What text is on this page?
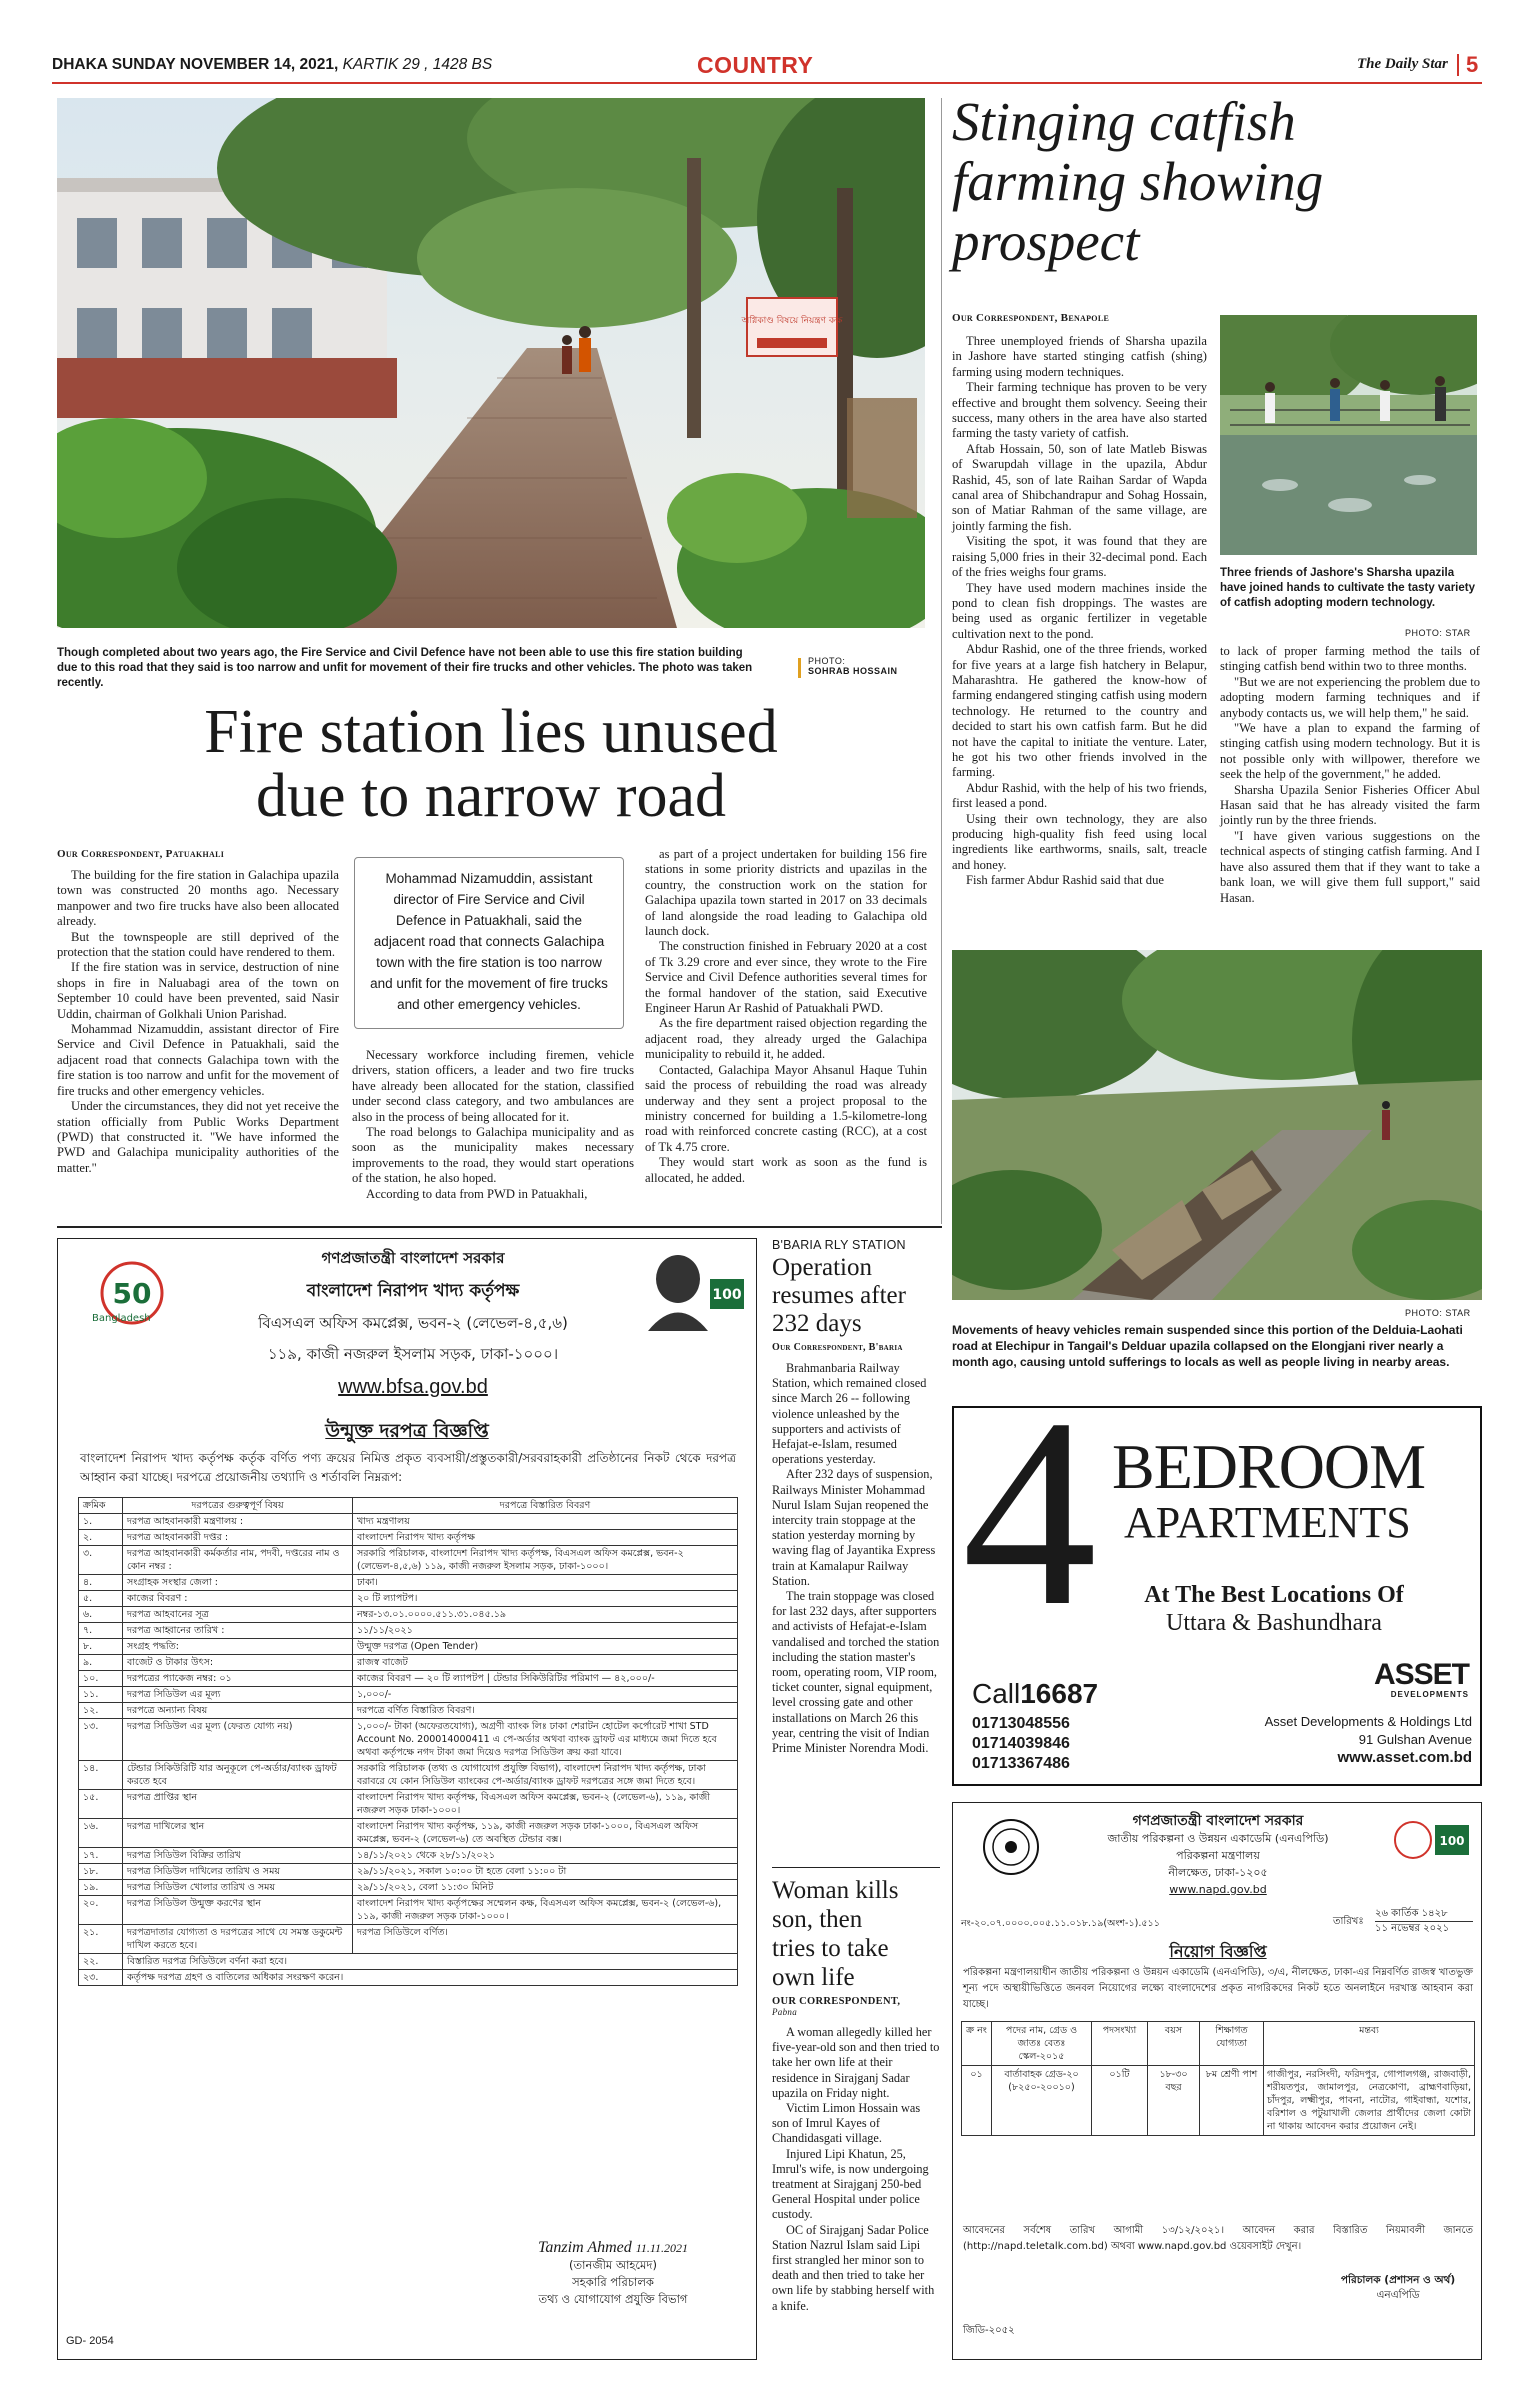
DHAKA SUNDAY NOVEMBER 14, 2021, KARTIK 29 , 1428 BS	COUNTRY	The Daily Star 5
অগ্নিকাণ্ড বিষয়ে নিয়ন্ত্রণ কক্ষ
Though completed about two years ago, the Fire Service and Civil Defence have not been able to use this fire station building due to this road that they said is too narrow and unfit for movement of their fire trucks and other vehicles. The photo was taken recently.
PHOTO:
SOHRAB HOSSAIN
Fire station lies unused
due to narrow road
Our Correspondent, Patuakhali

The building for the fire station in Galachipa upazila town was constructed 20 months ago. Necessary manpower and two fire trucks have also been allocated already.

But the townspeople are still deprived of the protection that the station could have rendered to them.

If the fire station was in service, destruction of nine shops in fire in Naluabagi area of the town on September 10 could have been prevented, said Nasir Uddin, chairman of Golkhali Union Parishad.

Mohammad Nizamuddin, assistant director of Fire Service and Civil Defence in Patuakhali, said the adjacent road that connects Galachipa town with the fire station is too narrow and unfit for the movement of fire trucks and other emergency vehicles.

Under the circumstances, they did not yet receive the station officially from Public Works Department (PWD) that constructed it. "We have informed the PWD and Galachipa municipality authorities of the matter."

Mohammad Nizamuddin, assistant director of Fire Service and Civil Defence in Patuakhali, said the adjacent road that connects Galachipa town with the fire station is too narrow and unfit for the movement of fire trucks and other emergency vehicles.

Necessary workforce including firemen, vehicle drivers, station officers, a leader and two fire trucks have already been allocated for the station, classified under second class category, and two ambulances are also in the process of being allocated for it.

The road belongs to Galachipa municipality and as soon as the municipality makes necessary improvements to the road, they would start operations of the station, he also hoped.

According to data from PWD in Patuakhali,

as part of a project undertaken for building 156 fire stations in some priority districts and upazilas in the country, the construction work on the station for Galachipa upazila town started in 2017 on 33 decimals of land alongside the road leading to Galachipa old launch dock.

The construction finished in February 2020 at a cost of Tk 3.29 crore and ever since, they wrote to the Fire Service and Civil Defence authorities several times for the formal handover of the station, said Executive Engineer Harun Ar Rashid of Patuakhali PWD.

As the fire department raised objection regarding the adjacent road, they already urged the Galachipa municipality to rebuild it, he added.

Contacted, Galachipa Mayor Ahsanul Haque Tuhin said the process of rebuilding the road was already underway and they sent a project proposal to the ministry concerned for building a 1.5-kilometre-long road with reinforced concrete casting (RCC), at a cost of Tk 4.75 crore.

They would start work as soon as the fund is allocated, he added.

Stinging catfish
farming showing
prospect
Our Correspondent, Benapole

Three unemployed friends of Sharsha upazila in Jashore have started stinging catfish (shing) farming using modern techniques.

Their farming technique has proven to be very effective and brought them solvency. Seeing their success, many others in the area have also started farming the tasty variety of catfish.

Aftab Hossain, 50, son of late Matleb Biswas of Swarupdah village in the upazila, Abdur Rashid, 45, son of late Raihan Sardar of Wapda canal area of Shibchandrapur and Sohag Hossain, son of Matiar Rahman of the same village, are jointly farming the fish.

Visiting the spot, it was found that they are raising 5,000 fries in their 32-decimal pond. Each of the fries weighs four grams.

They have used modern machines inside the pond to clean fish droppings. The wastes are being used as organic fertilizer in vegetable cultivation next to the pond.

Abdur Rashid, one of the three friends, worked for five years at a large fish hatchery in Belapur, Maharashtra. He gathered the know-how of farming endangered stinging catfish using modern technology. He returned to the country and decided to start his own catfish farm. But he did not have the capital to initiate the venture. Later, he got his two other friends involved in the farming.

Abdur Rashid, with the help of his two friends, first leased a pond.

Using their own technology, they are also producing high-quality fish feed using local ingredients like earthworms, snails, salt, treacle and honey.

Fish farmer Abdur Rashid said that due

Three friends of Jashore's Sharsha upazila have joined hands to cultivate the tasty variety of catfish adopting modern technology.
PHOTO: STAR

to lack of proper farming method the tails of stinging catfish bend within two to three months.

"But we are not experiencing the problem due to adopting modern farming techniques and if anybody contacts us, we will help them," he said.

"We have a plan to expand the farming of stinging catfish using modern technology. But it is not possible only with willpower, therefore we seek the help of the government," he added.

Sharsha Upazila Senior Fisheries Officer Abul Hasan said that he has already visited the farm jointly run by the three friends.

"I have given various suggestions on the technical aspects of stinging catfish farming. And I have also assured them that if they want to take a bank loan, we will give them full support," said Hasan.

PHOTO: STAR
Movements of heavy vehicles remain suspended since this portion of the Delduia-Laohati road at Elechipur in Tangail's Delduar upazila collapsed on the Elongjani river nearly a month ago, causing untold sufferings to locals as well as people living in nearby areas.
50
Bangladesh
গণপ্রজাতন্ত্রী বাংলাদেশ সরকার
বাংলাদেশ নিরাপদ খাদ্য কর্তৃপক্ষ
বিএসএল অফিস কমপ্লেক্স, ভবন-২ (লেভেল-৪,৫,৬)
১১৯, কাজী নজরুল ইসলাম সড়ক, ঢাকা-১০০০।
www.bfsa.gov.bd
100
উন্মুক্ত দরপত্র বিজ্ঞপ্তি
বাংলাদেশ নিরাপদ খাদ্য কর্তৃপক্ষ কর্তৃক বর্ণিত পণ্য ক্রয়ের নিমিত্ত প্রকৃত ব্যবসায়ী/প্রস্তুতকারী/সরবরাহকারী প্রতিষ্ঠানের নিকট থেকে দরপত্র আহ্বান করা যাচ্ছে। দরপত্রে প্রয়োজনীয় তথ্যাদি ও শর্তাবলি নিম্নরূপ:
ক্রমিক	দরপত্রের গুরুত্বপূর্ণ বিষয়	দরপত্রে বিস্তারিত বিবরণ
১.	দরপত্র আহবানকারী মন্ত্রণালয় :	খাদ্য মন্ত্রণালয়
২.	দরপত্র আহবানকারী দপ্তর :	বাংলাদেশ নিরাপদ খাদ্য কর্তৃপক্ষ
৩.	দরপত্র আহবানকারী কর্মকর্তার নাম, পদবী, দপ্তরের নাম ও কোন নম্বর :	সরকারি পরিচালক, বাংলাদেশ নিরাপদ খাদ্য কর্তৃপক্ষ, বিএসএল অফিস কমপ্লেক্স, ভবন-২ (লেভেল-৪,৫,৬) ১১৯, কাজী নজরুল ইসলাম সড়ক, ঢাকা-১০০০।
৪.	সংগ্রাহক সংস্থার জেলা :	ঢাকা।
৫.	কাজের বিবরণ :	২০ টি ল্যাপটপ।
৬.	দরপত্র আহবানের সূত্র	নম্বর-১৩.০১.০০০০.৫১১.৩১.০৪৫.১৯
৭.	দরপত্র আহ্বানের তারিখ :	১১/১১/২০২১
৮.	সংগ্রহ পদ্ধতি:	উন্মুক্ত দরপত্র (Open Tender)
৯.	বাজেট ও টাকার উৎস:	রাজস্ব বাজেট
১০.	দরপত্রের প্যাকেজ নম্বর: ০১	কাজের বিবরণ — ২০ টি ল্যাপটপ | টেন্ডার সিকিউরিটির পরিমাণ — ৪২,০০০/-
১১.	দরপত্র সিডিউল এর মূল্য	১,০০০/-
১২.	দরপত্রে অন্যান্য বিষয়	দরপত্রে বর্ণিত বিস্তারিত বিবরণ।
১৩.	দরপত্র সিডিউল এর মূল্য (ফেরত যোগ্য নয়)	১,০০০/- টাকা (অফেরতযোগ্য), অগ্রণী ব্যাংক লিঃ ঢাকা শেরাটন হোটেল কর্পোরেট শাখা STD Account No. 200014000411 এ পে-অর্ডার অথবা ব্যাংক ড্রাফট এর মাধ্যমে জমা দিতে হবে অথবা কর্তৃপক্ষে নগদ টাকা জমা দিয়েও দরপত্র সিডিউল ক্রয় করা যাবে।
১৪.	টেন্ডার সিকিউরিটি যার অনুকূলে পে-অর্ডার/ব্যাংক ড্রাফট করতে হবে	সরকারি পরিচালক (তথ্য ও যোগাযোগ প্রযুক্তি বিভাগ), বাংলাদেশ নিরাপদ খাদ্য কর্তৃপক্ষ, ঢাকা বরাবরে যে কোন সিডিউল ব্যাংকের পে-অর্ডার/ব্যাংক ড্রাফট দরপত্রের সঙ্গে জমা দিতে হবে।
১৫.	দরপত্র প্রাপ্তির স্থান	বাংলাদেশ নিরাপদ খাদ্য কর্তৃপক্ষ, বিএসএল অফিস কমপ্লেক্স, ভবন-২ (লেভেল-৬), ১১৯, কাজী নজরুল সড়ক ঢাকা-১০০০।
১৬.	দরপত্র দাখিলের স্থান	বাংলাদেশ নিরাপদ খাদ্য কর্তৃপক্ষ, ১১৯, কাজী নজরুল সড়ক ঢাকা-১০০০, বিএসএল অফিস কমপ্লেক্স, ভবন-২ (লেভেল-৬) তে অবস্থিত টেন্ডার বক্স।
১৭.	দরপত্র সিডিউল বিক্রির তারিখ	১৪/১১/২০২১ থেকে ২৮/১১/২০২১
১৮.	দরপত্র সিডিউল দাখিলের তারিখ ও সময়	২৯/১১/২০২১, সকাল ১০:০০ টা হতে বেলা ১১:০০ টা
১৯.	দরপত্র সিডিউল খোলার তারিখ ও সময়	২৯/১১/২০২১, বেলা ১১:৩০ মিনিট
২০.	দরপত্র সিডিউল উন্মুক্ত করণের স্থান	বাংলাদেশ নিরাপদ খাদ্য কর্তৃপক্ষের সম্মেলন কক্ষ, বিএসএল অফিস কমপ্লেক্স, ভবন-২ (লেভেল-৬), ১১৯, কাজী নজরুল সড়ক ঢাকা-১০০০।
২১.	দরপত্রদাতার যোগ্যতা ও দরপত্রের সাথে যে সমস্ত ডকুমেন্ট দাখিল করতে হবে।	দরপত্র সিডিউলে বর্ণিত।
২২.	বিস্তারিত দরপত্র সিডিউলে বর্ণনা করা হবে।	
২৩.	কর্তৃপক্ষ দরপত্র গ্রহণ ও বাতিলের অধিকার সংরক্ষণ করেন।	
Tanzim Ahmed 11.11.2021
(তানজীম আহমেদ)
সহকারি পরিচালক
তথ্য ও যোগাযোগ প্রযুক্তি বিভাগ
GD- 2054
B'BARIA RLY STATION
Operation
resumes after
232 days
Our Correspondent, B'baria

Brahmanbaria Railway Station, which remained closed since March 26 -- following violence unleashed by the supporters and activists of Hefajat-e-Islam, resumed operations yesterday.

After 232 days of suspension, Railways Minister Mohammad Nurul Islam Sujan reopened the intercity train stoppage at the station yesterday morning by waving flag of Jayantika Express train at Kamalapur Railway Station.

The train stoppage was closed for last 232 days, after supporters and activists of Hefajat-e-Islam vandalised and torched the station including the station master's room, operating room, VIP room, ticket counter, signal equipment, level crossing gate and other installations on March 26 this year, centring the visit of Indian Prime Minister Norendra Modi.

Woman kills
son, then
tries to take
own life
OUR CORRESPONDENT,
Pabna

A woman allegedly killed her five-year-old son and then tried to take her own life at their residence in Sirajganj Sadar upazila on Friday night.

Victim Limon Hossain was son of Imrul Kayes of Chandidasgati village.

Injured Lipi Khatun, 25, Imrul's wife, is now undergoing treatment at Sirajganj 250-bed General Hospital under police custody.

OC of Sirajganj Sadar Police Station Nazrul Islam said Lipi first strangled her minor son to death and then tried to take her own life by stabbing herself with a knife.

4 BEDROOM
APARTMENTS
At The Best Locations Of
Uttara & Bashundhara
Call16687
01713048556
01714039846
01713367486
ASSET
DEVELOPMENTS
Asset Developments & Holdings Ltd
91 Gulshan Avenue
www.asset.com.bd
গণপ্রজাতন্ত্রী বাংলাদেশ সরকার
জাতীয় পরিকল্পনা ও উন্নয়ন একাডেমি (এনএপিডি)
পরিকল্পনা মন্ত্রণালয়
নীলক্ষেত, ঢাকা-১২০৫
www.napd.gov.bd
100
নং-২০.০৭.০০০০.০০৫.১১.০১৮.১৯(অংশ-১).৫১১	তারিখঃ
২৬ কার্তিক ১৪২৮
১১ নভেম্বর ২০২১
নিয়োগ বিজ্ঞপ্তি
পরিকল্পনা মন্ত্রণালয়াধীন জাতীয় পরিকল্পনা ও উন্নয়ন একাডেমি (এনএপিডি), ৩/এ, নীলক্ষেত, ঢাকা-এর নিম্নবর্ণিত রাজস্ব খাতভুক্ত শূন্য পদে অস্থায়ীভিত্তিতে জনবল নিয়োগের লক্ষ্যে বাংলাদেশের প্রকৃত নাগরিকদের নিকট হতে অনলাইনে দরখাস্ত আহবান করা যাচ্ছে।
ক্র নং	পদের নাম, গ্রেড ও জাতঃ বেতঃ স্কেল-২০১৫	পদসংখ্যা	বয়স	শিক্ষাগত যোগ্যতা	মন্তব্য
০১	বার্তাবাহক গ্রেড-২০ (৮২৫০-২০০১০)	০১টি	১৮-৩০ বছর	৮ম শ্রেণী পাশ	গাজীপুর, নরসিংদী, ফরিদপুর, গোপালগঞ্জ, রাজবাড়ী, শরীয়তপুর, জামালপুর, নেত্রকোণা, ব্রাহ্মণবাড়িয়া, চাঁদপুর, লক্ষ্মীপুর, পাবনা, নাটোর, গাইবান্ধা, যশোর, বরিশাল ও পটুয়াখালী জেলার প্রার্থীদের জেলা কোটা না থাকায় আবেদন করার প্রয়োজন নেই।
আবেদনের সর্বশেষ তারিখ আগামী ১৩/১২/২০২১। আবেদন করার বিস্তারিত নিয়মাবলী জানতে (http://napd.teletalk.com.bd) অথবা www.napd.gov.bd ওয়েবসাইট দেখুন।
পরিচালক (প্রশাসন ও অর্থ)
এনএপিডি
জিডি-২০৫২
